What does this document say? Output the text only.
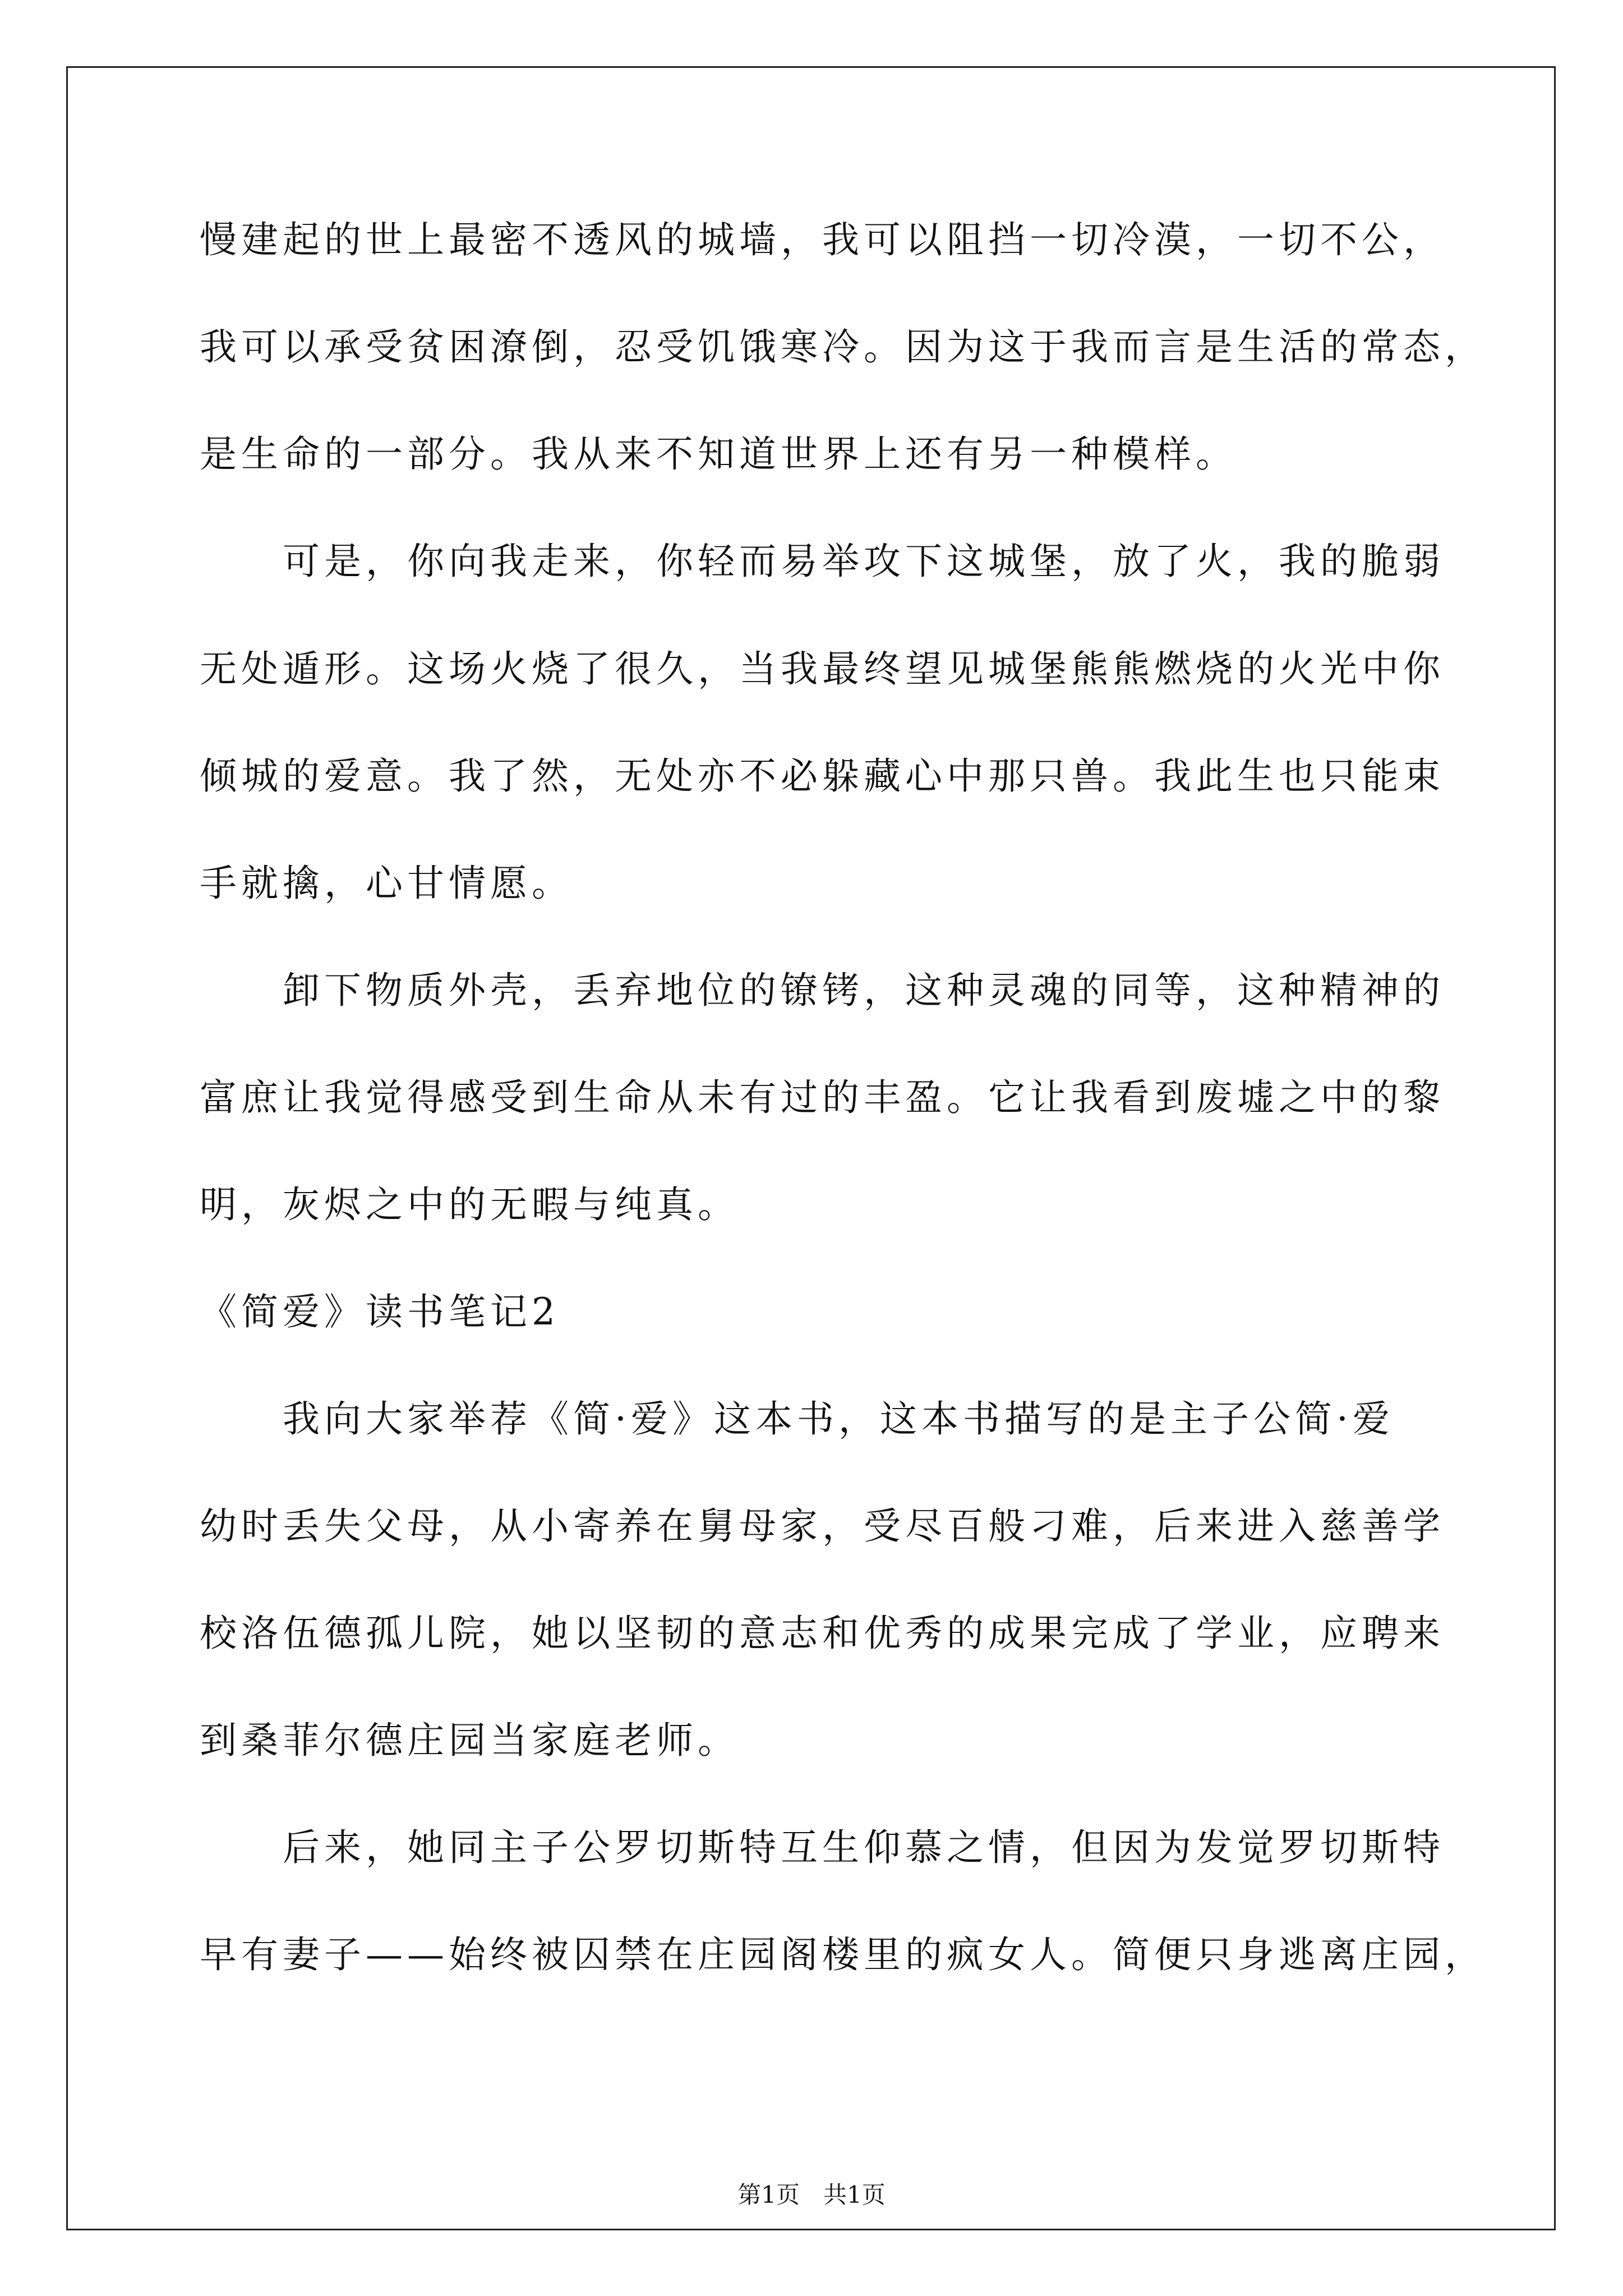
慢建起的世上最密不透风的城墙，我可以阻挡一切冷漠，一切不公，
我可以承受贫困潦倒，忍受饥饿寒冷。因为这于我而言是生活的常态，
是生命的一部分。我从来不知道世界上还有另一种模样。
　　可是，你向我走来，你轻而易举攻下这城堡，放了火，我的脆弱
无处遁形。这场火烧了很久，当我最终望见城堡熊熊燃烧的火光中你
倾城的爱意。我了然，无处亦不必躲藏心中那只兽。我此生也只能束
手就擒，心甘情愿。
　　卸下物质外壳，丢弃地位的镣铐，这种灵魂的同等，这种精神的
富庶让我觉得感受到生命从未有过的丰盈。它让我看到废墟之中的黎
明，灰烬之中的无暇与纯真。
《简爱》读书笔记2
　　我向大家举荐《简·爱》这本书，这本书描写的是主子公简·爱
幼时丢失父母，从小寄养在舅母家，受尽百般刁难，后来进入慈善学
校洛伍德孤儿院，她以坚韧的意志和优秀的成果完成了学业，应聘来
到桑菲尔德庄园当家庭老师。
　　后来，她同主子公罗切斯特互生仰慕之情，但因为发觉罗切斯特
早有妻子——始终被囚禁在庄园阁楼里的疯女人。简便只身逃离庄园，
第1页　共1页
